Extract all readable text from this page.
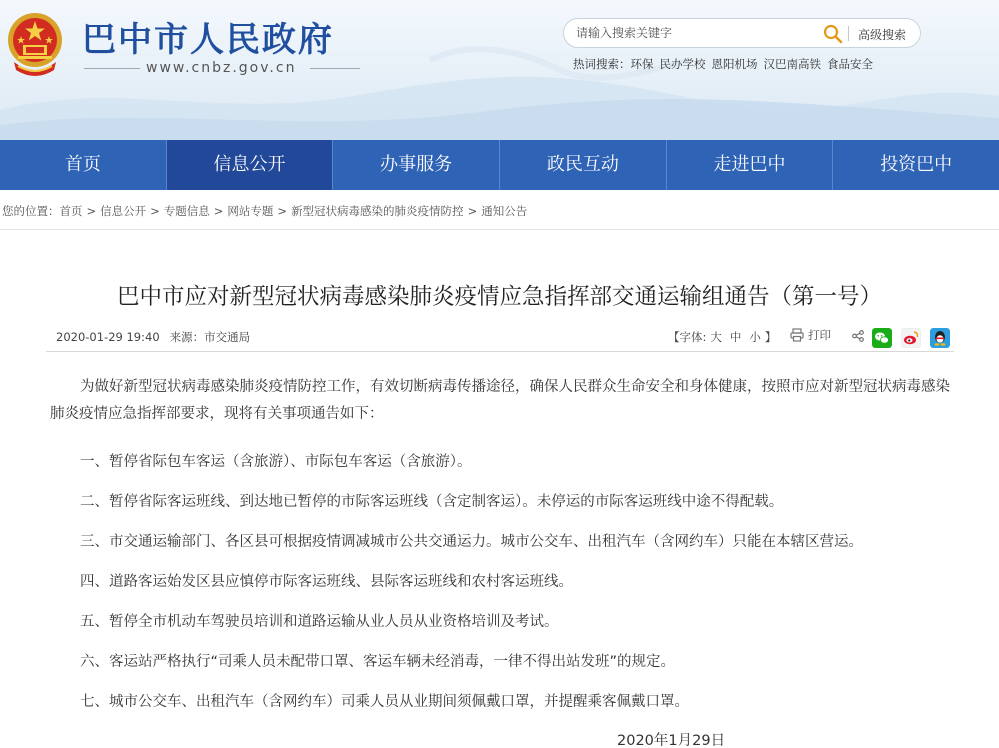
巴中市人民政府
www.cnbz.gov.cn
请输入搜索关键字
高级搜索
热词搜索：环保 民办学校 恩阳机场 汉巴南高铁 食品安全
首页	信息公开	办事服务	政民互动	走进巴中	投资巴中
您的位置：首页 > 信息公开 > 专题信息 > 网站专题 > 新型冠状病毒感染的肺炎疫情防控 > 通知公告
巴中市应对新型冠状病毒感染肺炎疫情应急指挥部交通运输组通告（第一号）
2020-01-29 19:40 来源：市交通局	【字体: 大 中 小 】	打印
为做好新型冠状病毒感染肺炎疫情防控工作，有效切断病毒传播途径，确保人民群众生命安全和身体健康，按照市应对新型冠状病毒感染肺炎疫情应急指挥部要求，现将有关事项通告如下：
一、暂停省际包车客运（含旅游）、市际包车客运（含旅游）。
二、暂停省际客运班线、到达地已暂停的市际客运班线（含定制客运）。未停运的市际客运班线中途不得配载。
三、市交通运输部门、各区县可根据疫情调减城市公共交通运力。城市公交车、出租汽车（含网约车）只能在本辖区营运。
四、道路客运始发区县应慎停市际客运班线、县际客运班线和农村客运班线。
五、暂停全市机动车驾驶员培训和道路运输从业人员从业资格培训及考试。
六、客运站严格执行“司乘人员未配带口罩、客运车辆未经消毒，一律不得出站发班”的规定。
七、城市公交车、出租汽车（含网约车）司乘人员从业期间须佩戴口罩，并提醒乘客佩戴口罩。
2020年1月29日
